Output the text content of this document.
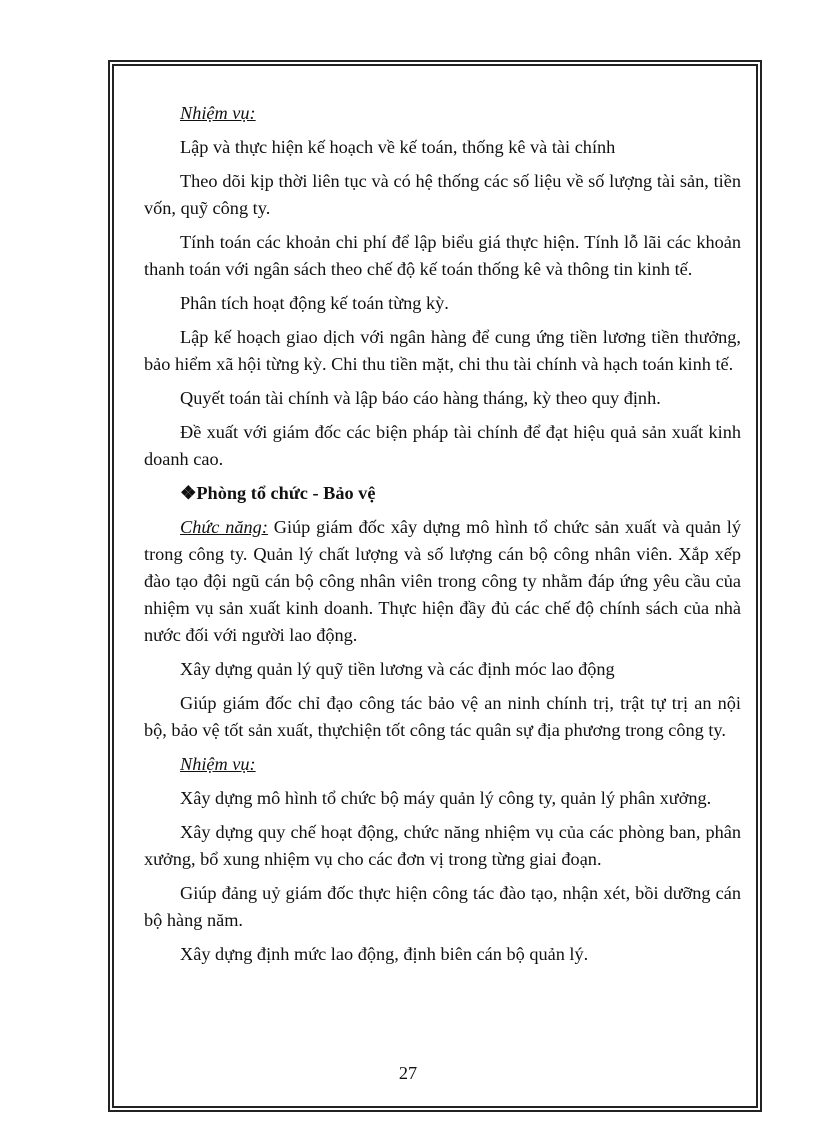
Nhiệm vụ:

Lập và thực hiện kế hoạch về kế toán, thống kê và tài chính

Theo dõi kịp thời liên tục và có hệ thống các số liệu về số lượng tài sản, tiền vốn, quỹ công ty.

Tính toán các khoản chi phí để lập biểu giá thực hiện. Tính lỗ lãi các khoản thanh toán với ngân sách theo chế độ kế toán thống kê và thông tin kinh tế.

Phân tích hoạt động kế toán từng kỳ.

Lập kế hoạch giao dịch với ngân hàng để cung ứng tiền lương tiền thưởng, bảo hiểm xã hội từng kỳ. Chi thu tiền mặt, chi thu tài chính và hạch toán kinh tế.

Quyết toán tài chính và lập báo cáo hàng tháng, kỳ theo quy định.

Đề xuất với giám đốc các biện pháp tài chính để đạt hiệu quả sản xuất kinh doanh cao.

❖Phòng tổ chức - Bảo vệ

Chức năng: Giúp giám đốc xây dựng mô hình tổ chức sản xuất và quản lý trong công ty. Quản lý chất lượng và số lượng cán bộ công nhân viên. Xắp xếp đào tạo đội ngũ cán bộ công nhân viên trong công ty nhằm đáp ứng yêu cầu của nhiệm vụ sản xuất kinh doanh. Thực hiện đầy đủ các chế độ chính sách của nhà nước đối với người lao động.

Xây dựng quản lý quỹ tiền lương và các định móc lao động

Giúp giám đốc chỉ đạo công tác bảo vệ an ninh chính trị, trật tự trị an nội bộ, bảo vệ tốt sản xuất, thựchiện tốt công tác quân sự địa phương trong công ty.

Nhiệm vụ:

Xây dựng mô hình tổ chức bộ máy quản lý công ty, quản lý phân xưởng.

Xây dựng quy chế hoạt động, chức năng nhiệm vụ của các phòng ban, phân xưởng, bổ xung nhiệm vụ cho các đơn vị trong từng giai đoạn.

Giúp đảng uỷ giám đốc thực hiện công tác đào tạo, nhận xét, bồi dưỡng cán bộ hàng năm.

Xây dựng định mức lao động, định biên cán bộ quản lý.

27
